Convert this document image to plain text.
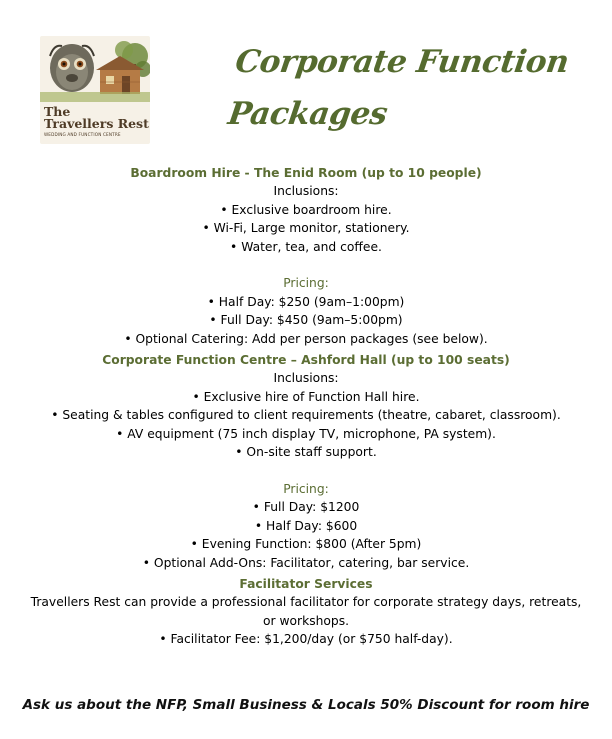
The
Travellers Rest
WEDDING AND FUNCTION CENTRE
Corporate Function
Packages
Boardroom Hire - The Enid Room (up to 10 people)
Inclusions:
• Exclusive boardroom hire.
• Wi-Fi, Large monitor, stationery.
• Water, tea, and coffee.
Pricing:
• Half Day: $250 (9am–1:00pm)
• Full Day: $450 (9am–5:00pm)
• Optional Catering: Add per person packages (see below).
Corporate Function Centre – Ashford Hall (up to 100 seats)
Inclusions:
• Exclusive hire of Function Hall hire.
• Seating & tables configured to client requirements (theatre, cabaret, classroom).
• AV equipment (75 inch display TV, microphone, PA system).
• On-site staff support.
Pricing:
• Full Day: $1200
• Half Day: $600
• Evening Function: $800 (After 5pm)
• Optional Add-Ons: Facilitator, catering, bar service.
Facilitator Services
Travellers Rest can provide a professional facilitator for corporate strategy days, retreats,
or workshops.
• Facilitator Fee: $1,200/day (or $750 half-day).
Ask us about the NFP, Small Business & Locals 50% Discount for room hire
